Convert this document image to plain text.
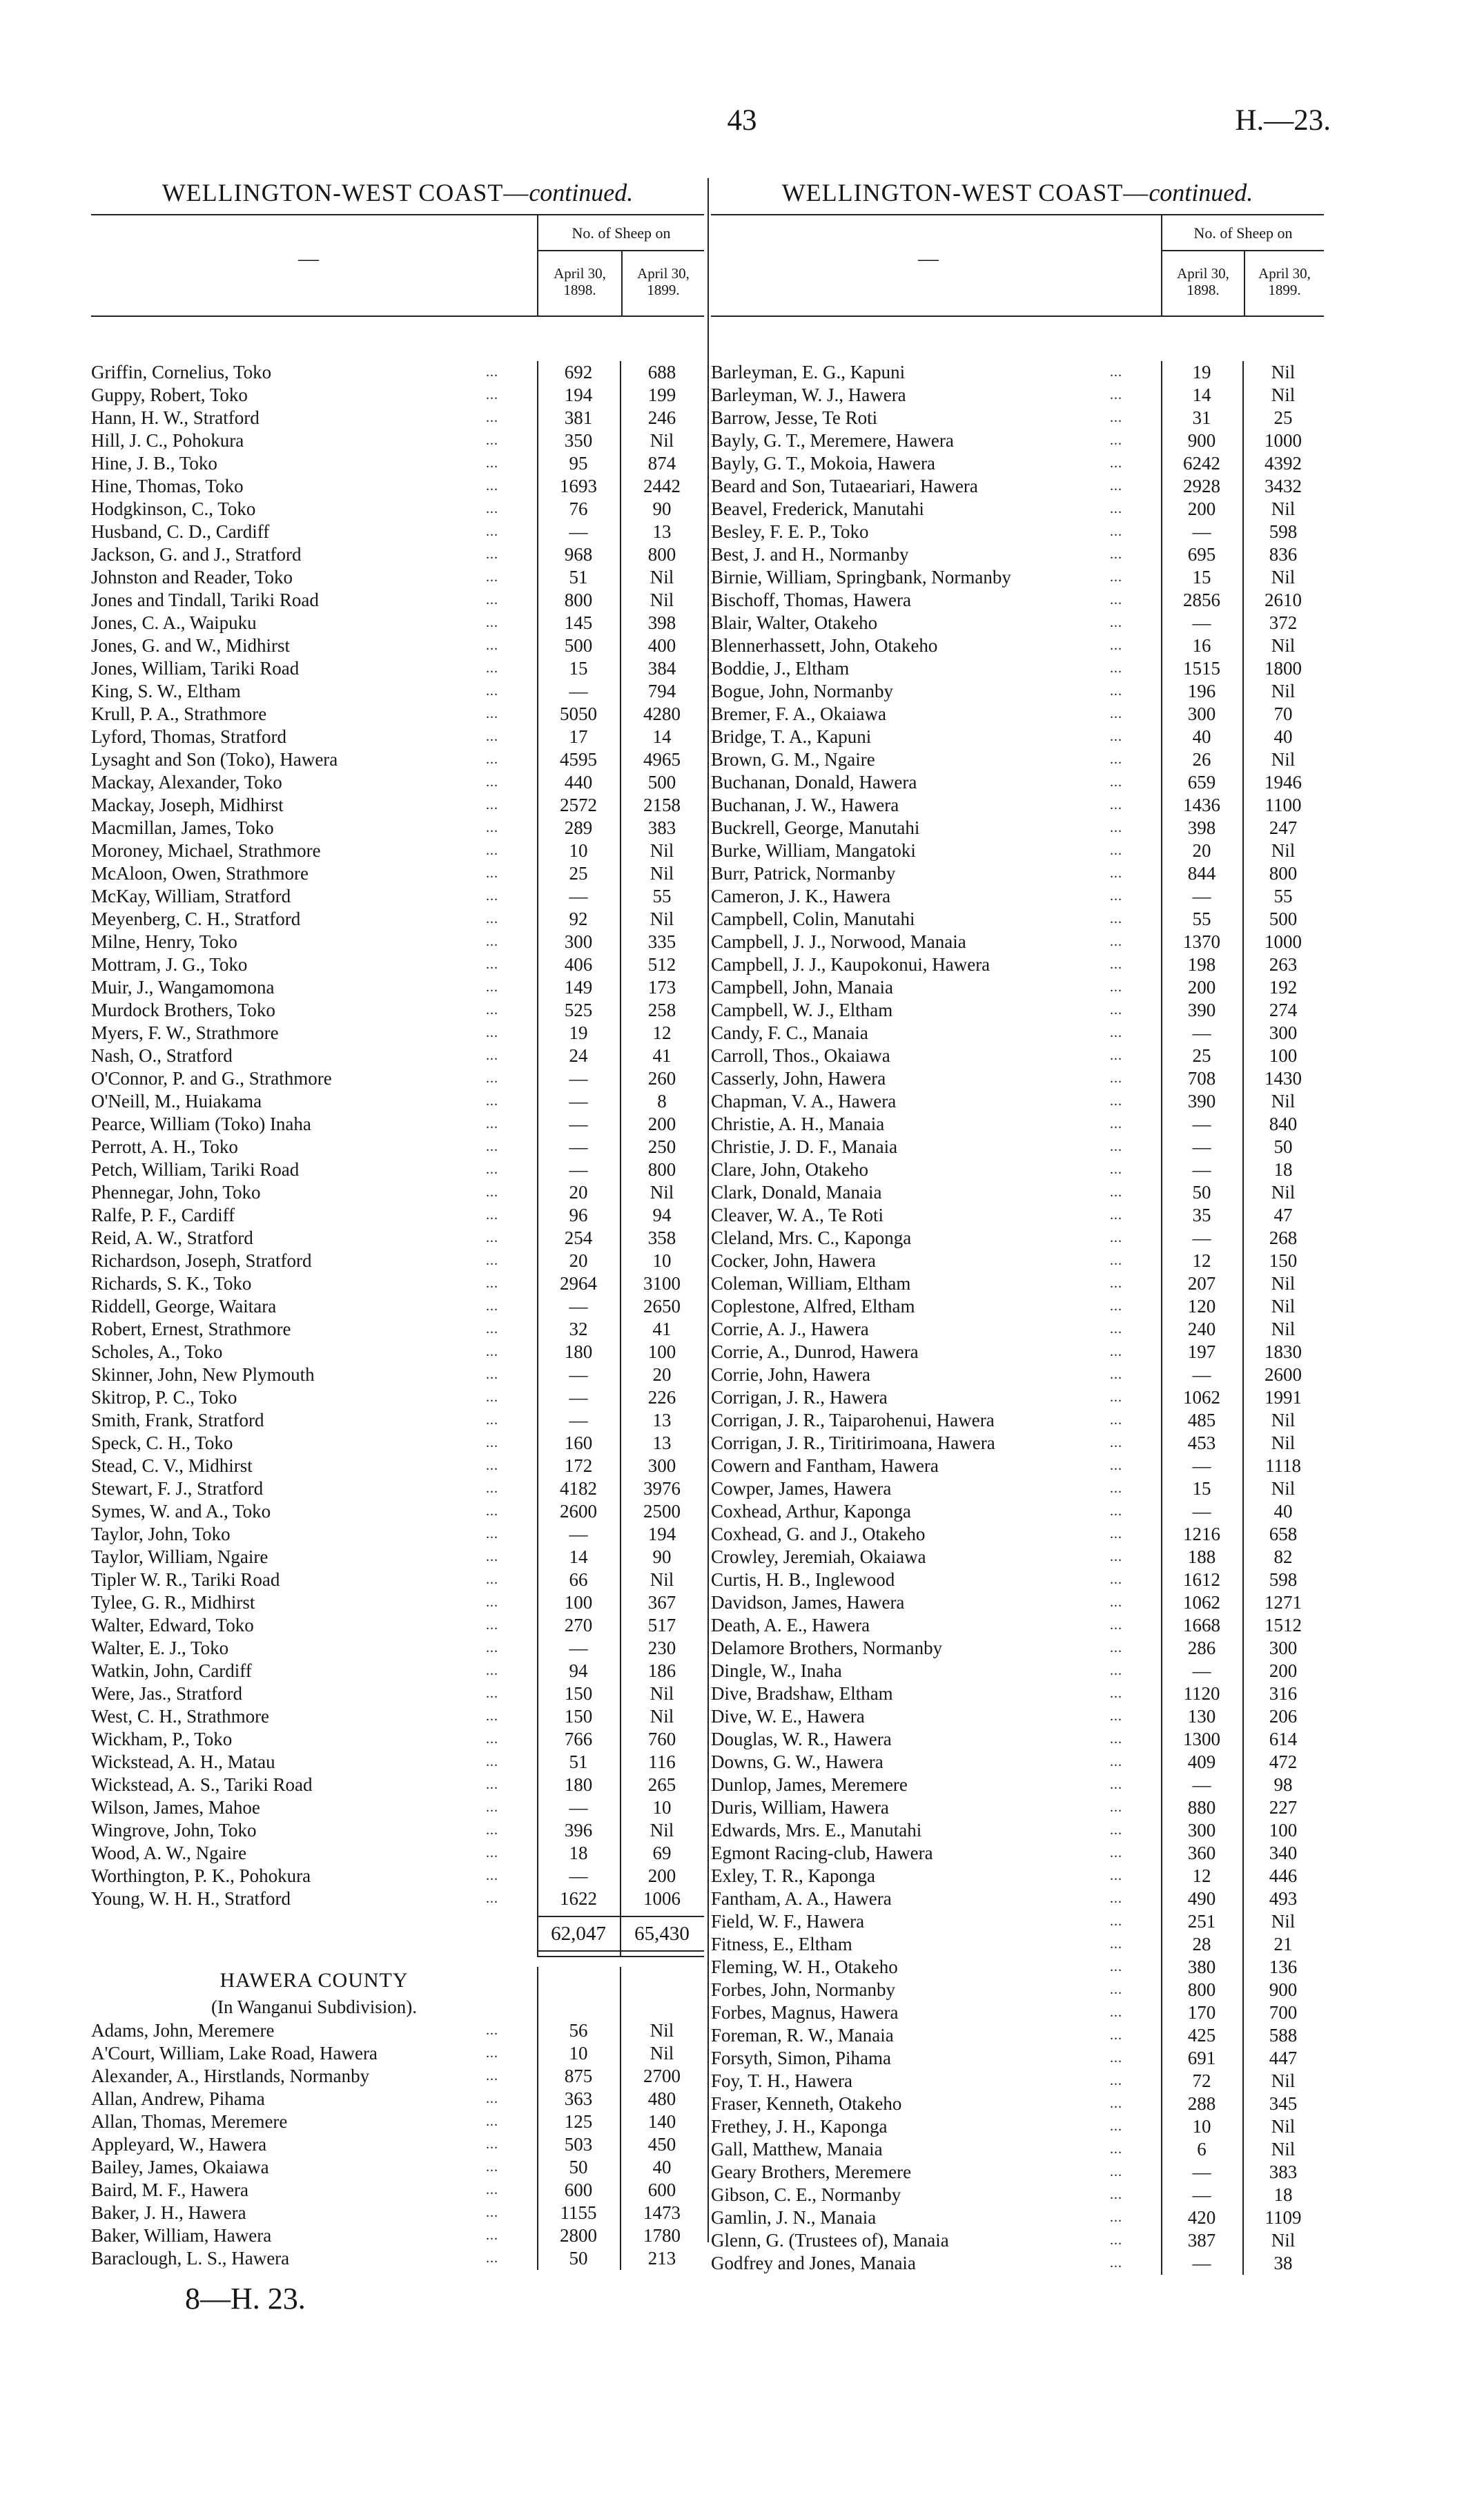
43	H.—23.
WELLINGTON-WEST COAST—continued.
—
No. of Sheep on
April 30,
1898.
April 30,
1899.
Griffin, Cornelius, Toko	...	692	688
Guppy, Robert, Toko	...	194	199
Hann, H. W., Stratford	...	381	246
Hill, J. C., Pohokura	...	350	Nil
Hine, J. B., Toko	...	95	874
Hine, Thomas, Toko	...	1693	2442
Hodgkinson, C., Toko	...	76	90
Husband, C. D., Cardiff	...	—	13
Jackson, G. and J., Stratford	...	968	800
Johnston and Reader, Toko	...	51	Nil
Jones and Tindall, Tariki Road	...	800	Nil
Jones, C. A., Waipuku	...	145	398
Jones, G. and W., Midhirst	...	500	400
Jones, William, Tariki Road	...	15	384
King, S. W., Eltham	...	—	794
Krull, P. A., Strathmore	...	5050	4280
Lyford, Thomas, Stratford	...	17	14
Lysaght and Son (Toko), Hawera	...	4595	4965
Mackay, Alexander, Toko	...	440	500
Mackay, Joseph, Midhirst	...	2572	2158
Macmillan, James, Toko	...	289	383
Moroney, Michael, Strathmore	...	10	Nil
McAloon, Owen, Strathmore	...	25	Nil
McKay, William, Stratford	...	—	55
Meyenberg, C. H., Stratford	...	92	Nil
Milne, Henry, Toko	...	300	335
Mottram, J. G., Toko	...	406	512
Muir, J., Wangamomona	...	149	173
Murdock Brothers, Toko	...	525	258
Myers, F. W., Strathmore	...	19	12
Nash, O., Stratford	...	24	41
O'Connor, P. and G., Strathmore	...	—	260
O'Neill, M., Huiakama	...	—	8
Pearce, William (Toko) Inaha	...	—	200
Perrott, A. H., Toko	...	—	250
Petch, William, Tariki Road	...	—	800
Phennegar, John, Toko	...	20	Nil
Ralfe, P. F., Cardiff	...	96	94
Reid, A. W., Stratford	...	254	358
Richardson, Joseph, Stratford	...	20	10
Richards, S. K., Toko	...	2964	3100
Riddell, George, Waitara	...	—	2650
Robert, Ernest, Strathmore	...	32	41
Scholes, A., Toko	...	180	100
Skinner, John, New Plymouth	...	—	20
Skitrop, P. C., Toko	...	—	226
Smith, Frank, Stratford	...	—	13
Speck, C. H., Toko	...	160	13
Stead, C. V., Midhirst	...	172	300
Stewart, F. J., Stratford	...	4182	3976
Symes, W. and A., Toko	...	2600	2500
Taylor, John, Toko	...	—	194
Taylor, William, Ngaire	...	14	90
Tipler W. R., Tariki Road	...	66	Nil
Tylee, G. R., Midhirst	...	100	367
Walter, Edward, Toko	...	270	517
Walter, E. J., Toko	...	—	230
Watkin, John, Cardiff	...	94	186
Were, Jas., Stratford	...	150	Nil
West, C. H., Strathmore	...	150	Nil
Wickham, P., Toko	...	766	760
Wickstead, A. H., Matau	...	51	116
Wickstead, A. S., Tariki Road	...	180	265
Wilson, James, Mahoe	...	—	10
Wingrove, John, Toko	...	396	Nil
Wood, A. W., Ngaire	...	18	69
Worthington, P. K., Pohokura	...	—	200
Young, W. H. H., Stratford	...	1622	1006
62,047	65,430
HAWERA COUNTY
(In Wanganui Subdivision).
Adams, John, Meremere	...	56	Nil
A'Court, William, Lake Road, Hawera	...	10	Nil
Alexander, A., Hirstlands, Normanby	...	875	2700
Allan, Andrew, Pihama	...	363	480
Allan, Thomas, Meremere	...	125	140
Appleyard, W., Hawera	...	503	450
Bailey, James, Okaiawa	...	50	40
Baird, M. F., Hawera	...	600	600
Baker, J. H., Hawera	...	1155	1473
Baker, William, Hawera	...	2800	1780
Baraclough, L. S., Hawera	...	50	213
WELLINGTON-WEST COAST—continued.
—
No. of Sheep on
April 30,
1898.
April 30,
1899.
Barleyman, E. G., Kapuni	...	19	Nil
Barleyman, W. J., Hawera	...	14	Nil
Barrow, Jesse, Te Roti	...	31	25
Bayly, G. T., Meremere, Hawera	...	900	1000
Bayly, G. T., Mokoia, Hawera	...	6242	4392
Beard and Son, Tutaeariari, Hawera	...	2928	3432
Beavel, Frederick, Manutahi	...	200	Nil
Besley, F. E. P., Toko	...	—	598
Best, J. and H., Normanby	...	695	836
Birnie, William, Springbank, Normanby	...	15	Nil
Bischoff, Thomas, Hawera	...	2856	2610
Blair, Walter, Otakeho	...	—	372
Blennerhassett, John, Otakeho	...	16	Nil
Boddie, J., Eltham	...	1515	1800
Bogue, John, Normanby	...	196	Nil
Bremer, F. A., Okaiawa	...	300	70
Bridge, T. A., Kapuni	...	40	40
Brown, G. M., Ngaire	...	26	Nil
Buchanan, Donald, Hawera	...	659	1946
Buchanan, J. W., Hawera	...	1436	1100
Buckrell, George, Manutahi	...	398	247
Burke, William, Mangatoki	...	20	Nil
Burr, Patrick, Normanby	...	844	800
Cameron, J. K., Hawera	...	—	55
Campbell, Colin, Manutahi	...	55	500
Campbell, J. J., Norwood, Manaia	...	1370	1000
Campbell, J. J., Kaupokonui, Hawera	...	198	263
Campbell, John, Manaia	...	200	192
Campbell, W. J., Eltham	...	390	274
Candy, F. C., Manaia	...	—	300
Carroll, Thos., Okaiawa	...	25	100
Casserly, John, Hawera	...	708	1430
Chapman, V. A., Hawera	...	390	Nil
Christie, A. H., Manaia	...	—	840
Christie, J. D. F., Manaia	...	—	50
Clare, John, Otakeho	...	—	18
Clark, Donald, Manaia	...	50	Nil
Cleaver, W. A., Te Roti	...	35	47
Cleland, Mrs. C., Kaponga	...	—	268
Cocker, John, Hawera	...	12	150
Coleman, William, Eltham	...	207	Nil
Coplestone, Alfred, Eltham	...	120	Nil
Corrie, A. J., Hawera	...	240	Nil
Corrie, A., Dunrod, Hawera	...	197	1830
Corrie, John, Hawera	...	—	2600
Corrigan, J. R., Hawera	...	1062	1991
Corrigan, J. R., Taiparohenui, Hawera	...	485	Nil
Corrigan, J. R., Tiritirimoana, Hawera	...	453	Nil
Cowern and Fantham, Hawera	...	—	1118
Cowper, James, Hawera	...	15	Nil
Coxhead, Arthur, Kaponga	...	—	40
Coxhead, G. and J., Otakeho	...	1216	658
Crowley, Jeremiah, Okaiawa	...	188	82
Curtis, H. B., Inglewood	...	1612	598
Davidson, James, Hawera	...	1062	1271
Death, A. E., Hawera	...	1668	1512
Delamore Brothers, Normanby	...	286	300
Dingle, W., Inaha	...	—	200
Dive, Bradshaw, Eltham	...	1120	316
Dive, W. E., Hawera	...	130	206
Douglas, W. R., Hawera	...	1300	614
Downs, G. W., Hawera	...	409	472
Dunlop, James, Meremere	...	—	98
Duris, William, Hawera	...	880	227
Edwards, Mrs. E., Manutahi	...	300	100
Egmont Racing-club, Hawera	...	360	340
Exley, T. R., Kaponga	...	12	446
Fantham, A. A., Hawera	...	490	493
Field, W. F., Hawera	...	251	Nil
Fitness, E., Eltham	...	28	21
Fleming, W. H., Otakeho	...	380	136
Forbes, John, Normanby	...	800	900
Forbes, Magnus, Hawera	...	170	700
Foreman, R. W., Manaia	...	425	588
Forsyth, Simon, Pihama	...	691	447
Foy, T. H., Hawera	...	72	Nil
Fraser, Kenneth, Otakeho	...	288	345
Frethey, J. H., Kaponga	...	10	Nil
Gall, Matthew, Manaia	...	6	Nil
Geary Brothers, Meremere	...	—	383
Gibson, C. E., Normanby	...	—	18
Gamlin, J. N., Manaia	...	420	1109
Glenn, G. (Trustees of), Manaia	...	387	Nil
Godfrey and Jones, Manaia	...	—	38
8—H. 23.
